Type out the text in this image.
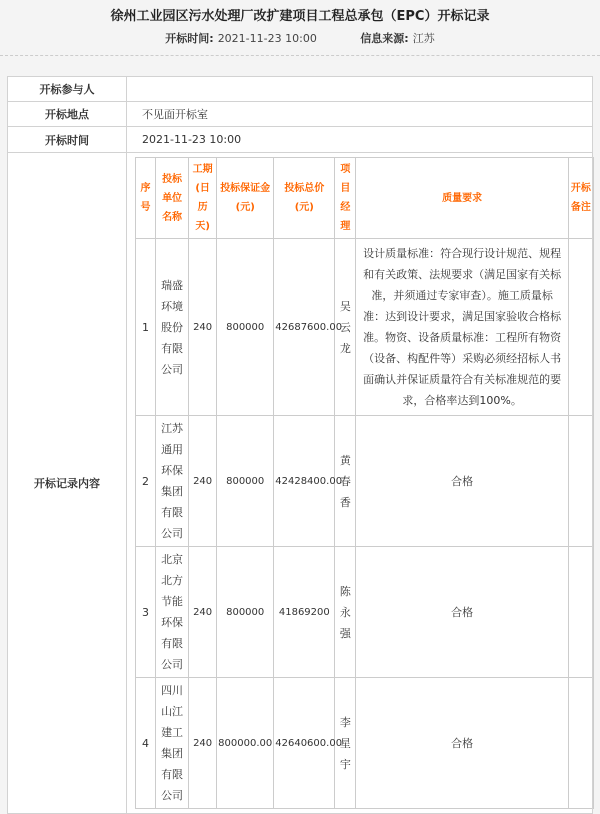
徐州工业园区污水处理厂改扩建项目工程总承包（EPC）开标记录
开标时间: 2021-11-23 10:00	信息来源: 江苏
开标参与人	
开标地点	不见面开标室
开标时间	2021-11-23 10:00
开标记录内容	
序号	投标单位名称	工期(日历天)	投标保证金(元)	投标总价(元)	项目经理	质量要求	开标备注
1	瑞盛环境股份有限公司	240	800000	42687600.00	吴云龙	设计质量标准：符合现行设计规范、规程和有关政策、法规要求（满足国家有关标准，并须通过专家审查）。施工质量标准：达到设计要求，满足国家验收合格标准。物资、设备质量标准：工程所有物资（设备、构配件等）采购必须经招标人书面确认并保证质量符合有关标准规范的要求，合格率达到100%。	
2	江苏通用环保集团有限公司	240	800000	42428400.00	黄春香	合格	
3	北京北方节能环保有限公司	240	800000	41869200	陈永强	合格	
4	四川山江建工集团有限公司	240	800000.00	42640600.00	李星宇	合格	
